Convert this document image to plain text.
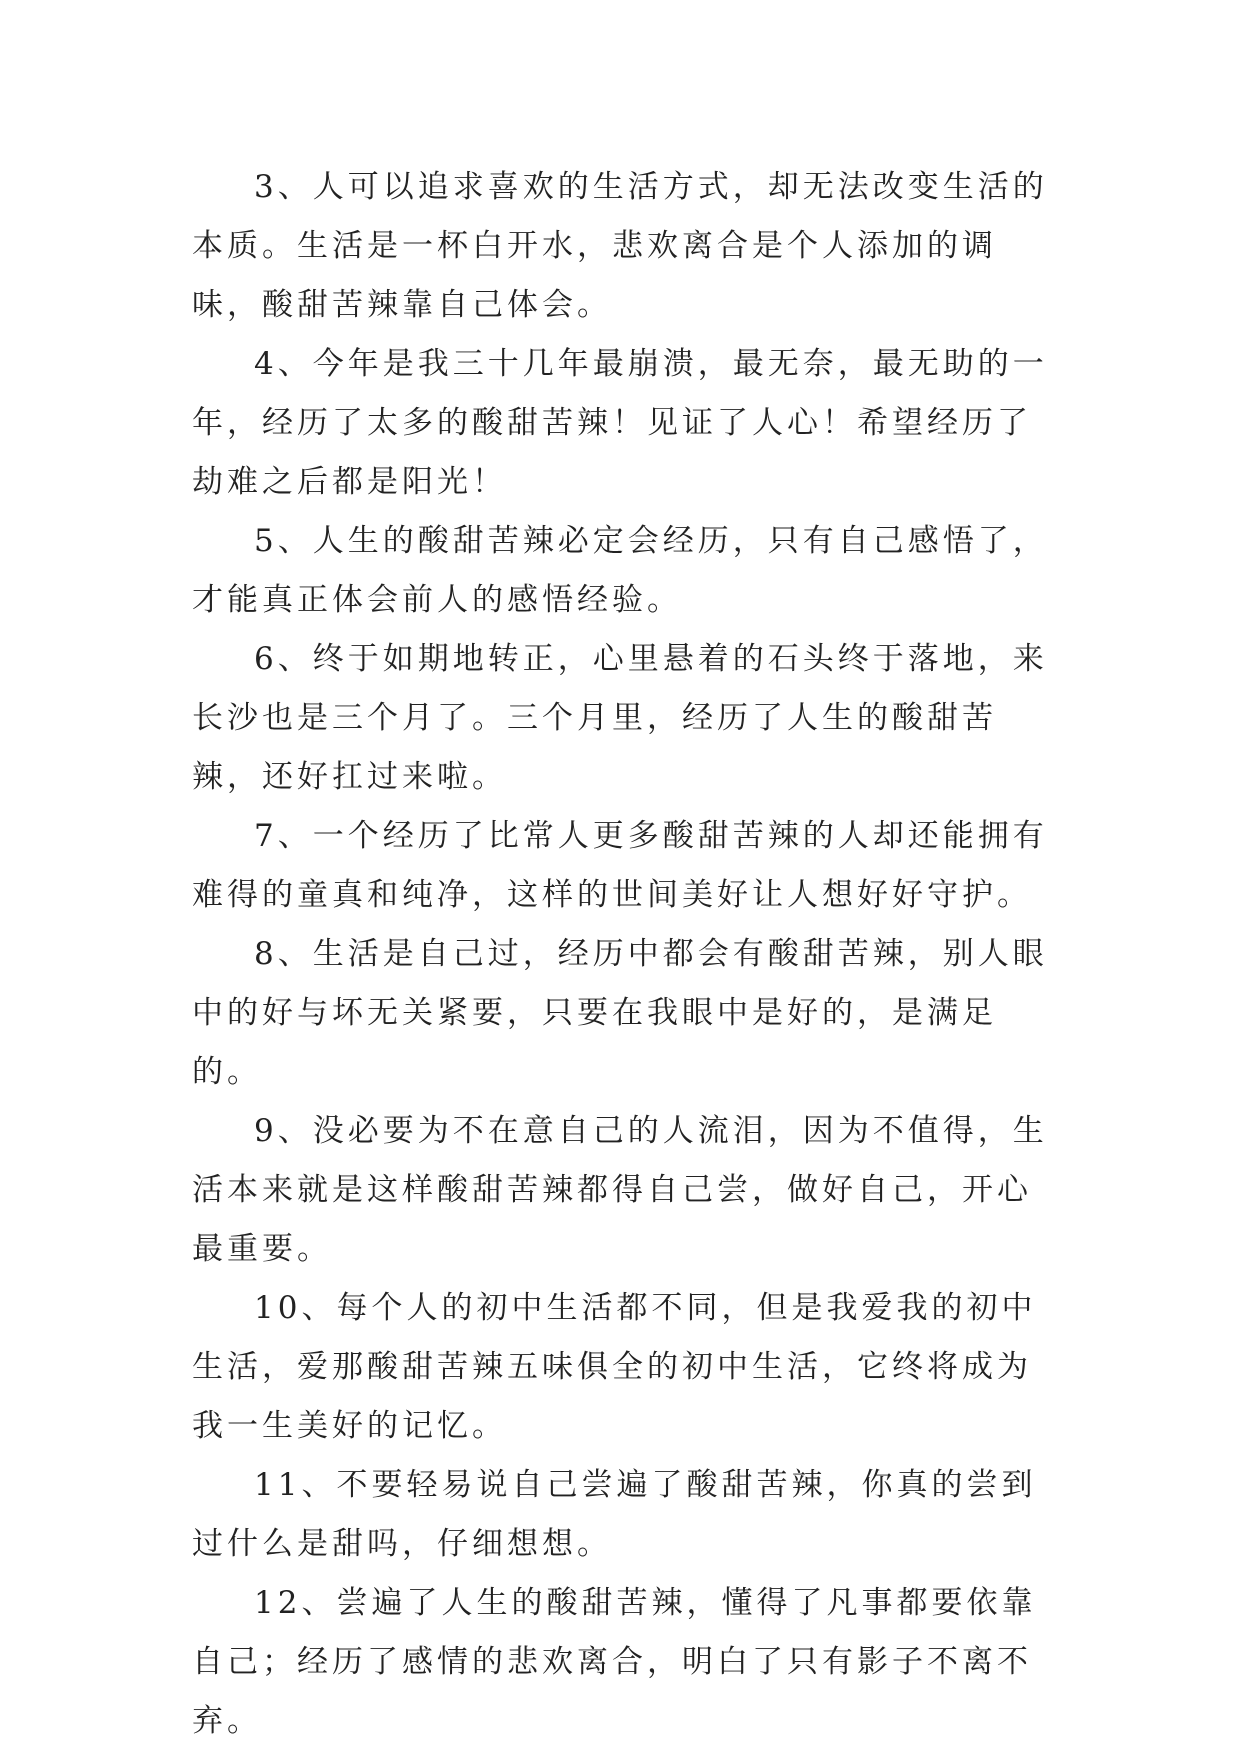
3、人可以追求喜欢的生活方式，却无法改变生活的本质。生活是一杯白开水，悲欢离合是个人添加的调味，酸甜苦辣靠自己体会。

4、今年是我三十几年最崩溃，最无奈，最无助的一年，经历了太多的酸甜苦辣！见证了人心！希望经历了劫难之后都是阳光！

5、人生的酸甜苦辣必定会经历，只有自己感悟了，才能真正体会前人的感悟经验。

6、终于如期地转正，心里悬着的石头终于落地，来长沙也是三个月了。三个月里，经历了人生的酸甜苦辣，还好扛过来啦。

7、一个经历了比常人更多酸甜苦辣的人却还能拥有难得的童真和纯净，这样的世间美好让人想好好守护。

8、生活是自己过，经历中都会有酸甜苦辣，别人眼中的好与坏无关紧要，只要在我眼中是好的，是满足的。

9、没必要为不在意自己的人流泪，因为不值得，生活本来就是这样酸甜苦辣都得自己尝，做好自己，开心最重要。

10、每个人的初中生活都不同，但是我爱我的初中生活，爱那酸甜苦辣五味俱全的初中生活，它终将成为我一生美好的记忆。

11、不要轻易说自己尝遍了酸甜苦辣，你真的尝到过什么是甜吗，仔细想想。

12、尝遍了人生的酸甜苦辣，懂得了凡事都要依靠自己；经历了感情的悲欢离合，明白了只有影子不离不弃。
